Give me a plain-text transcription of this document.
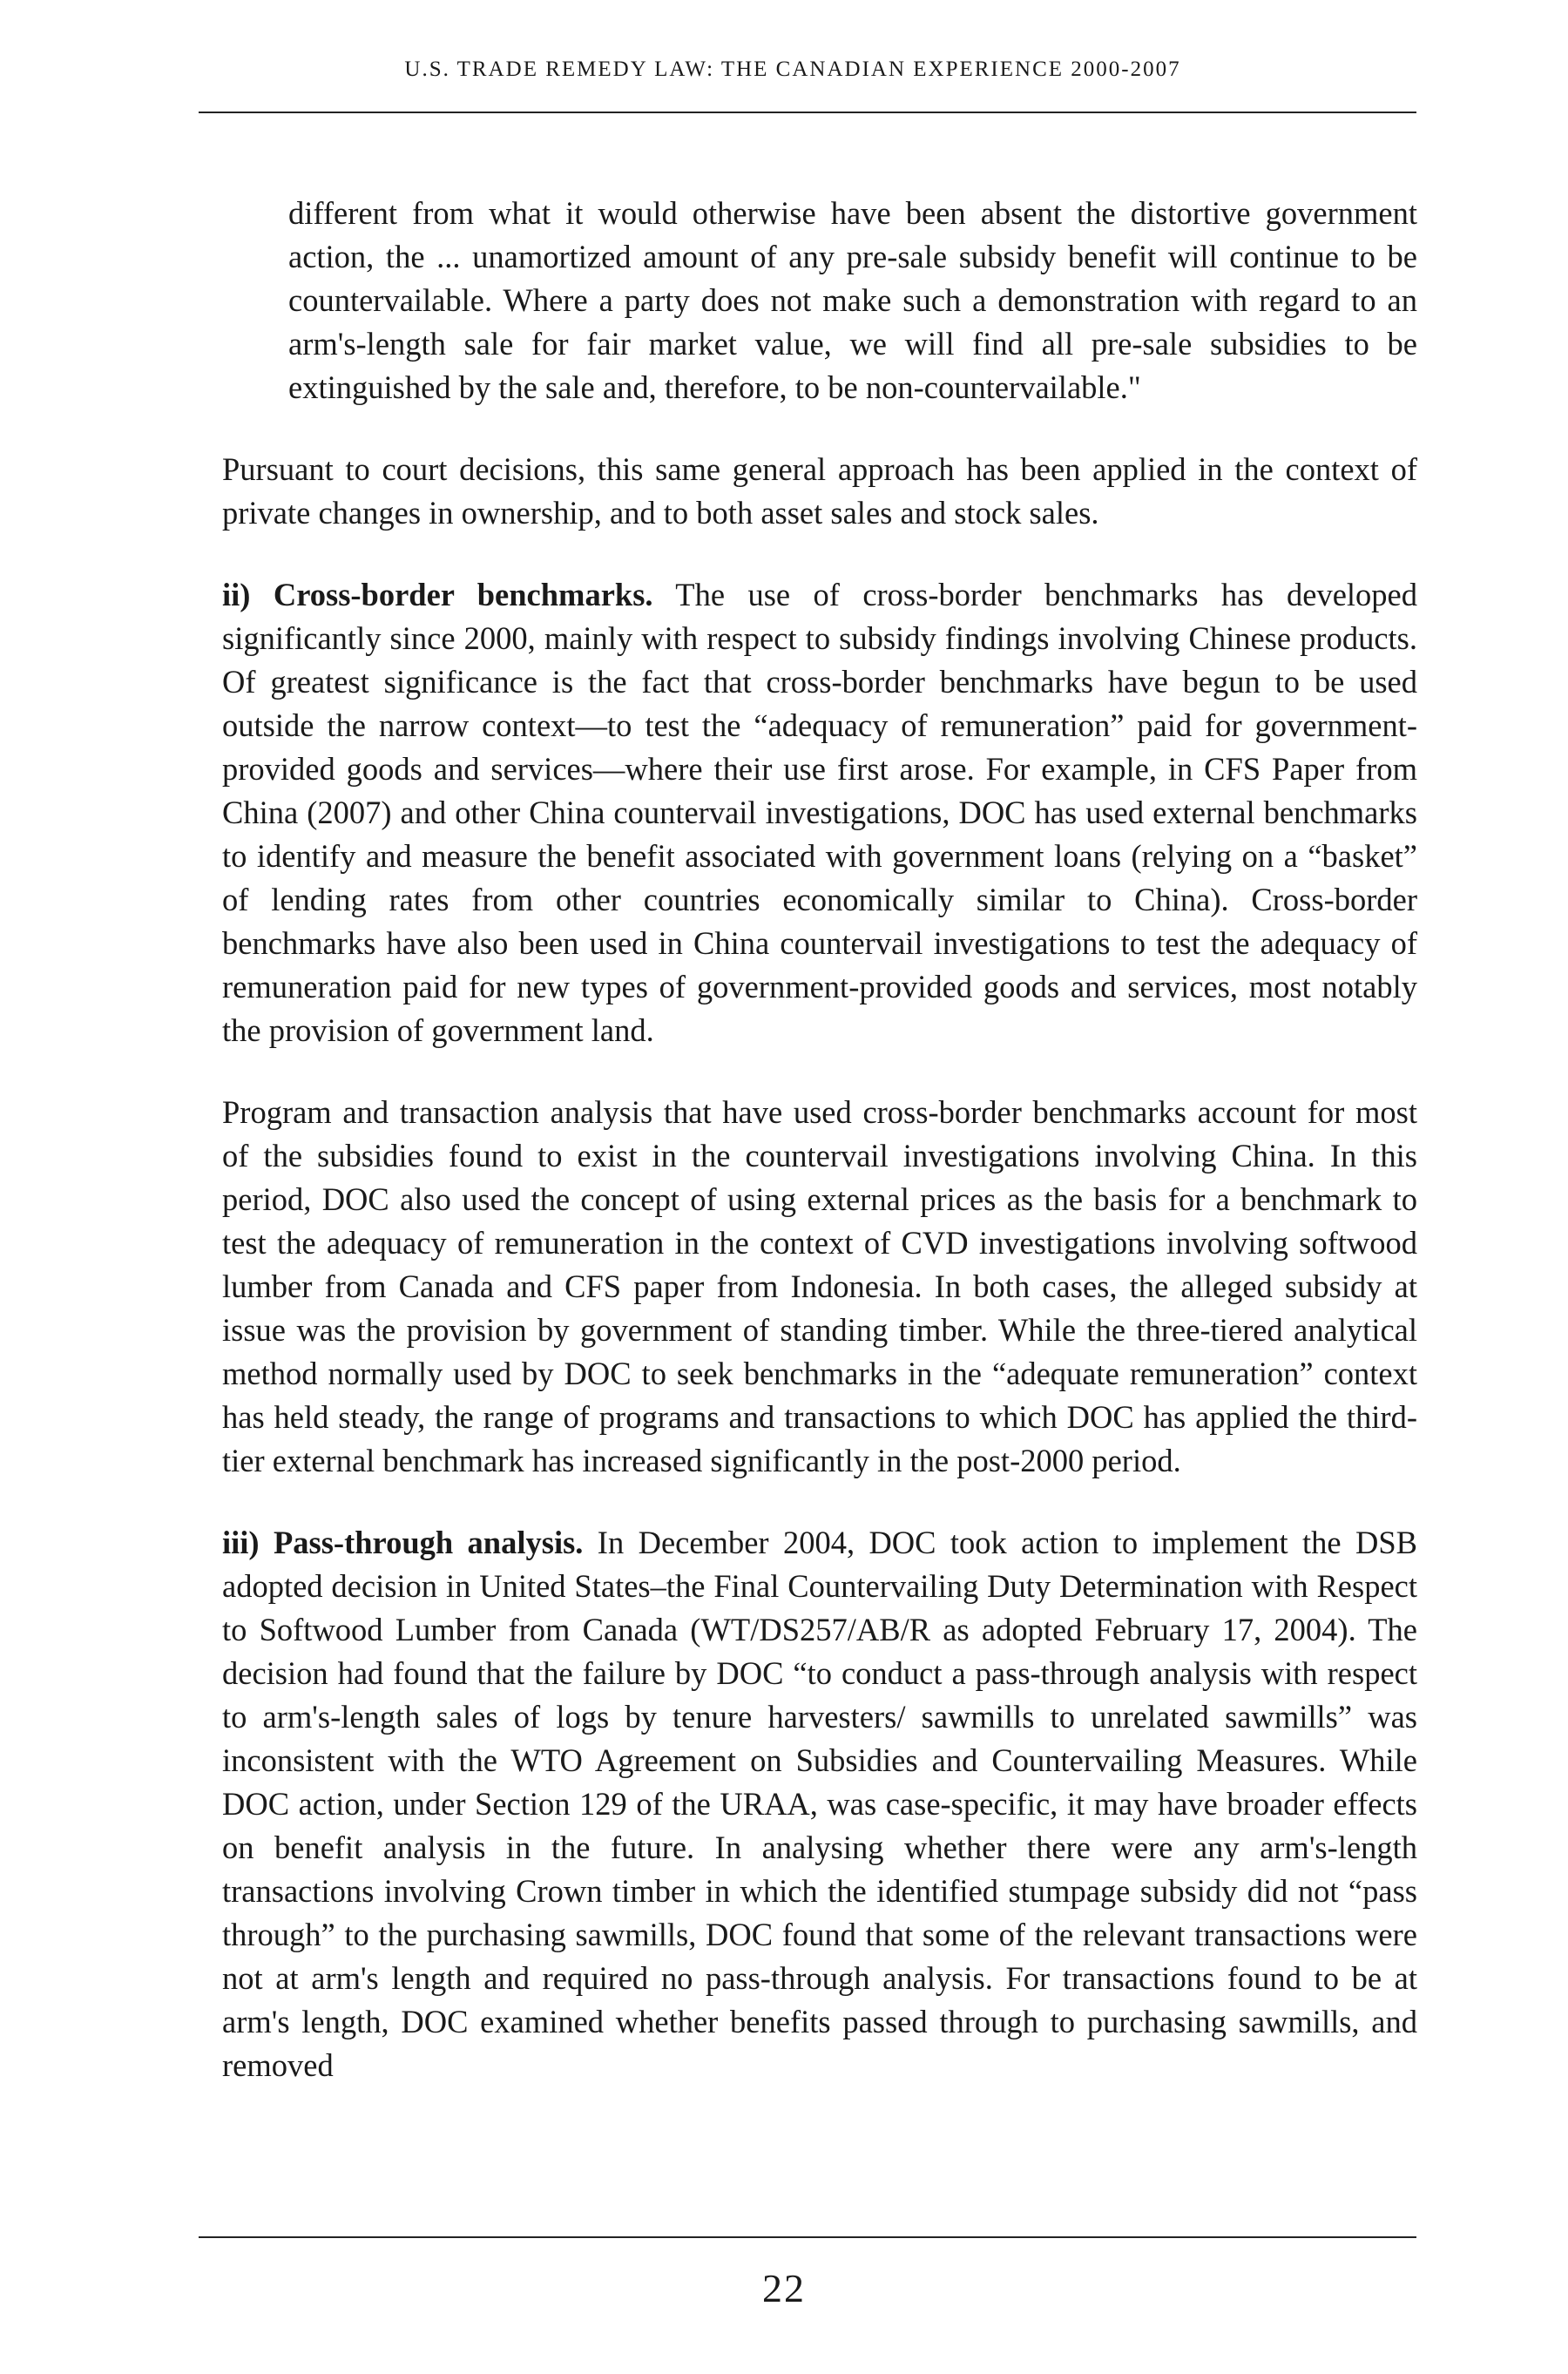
U.S. TRADE REMEDY LAW: THE CANADIAN EXPERIENCE 2000-2007

different from what it would otherwise have been absent the distortive government action, the ... unamortized amount of any pre-sale subsidy benefit will continue to be countervailable. Where a party does not make such a demonstration with regard to an arm's-length sale for fair market value, we will find all pre-sale subsidies to be extinguished by the sale and, therefore, to be non-countervailable."

Pursuant to court decisions, this same general approach has been applied in the context of private changes in ownership, and to both asset sales and stock sales.

ii) Cross-border benchmarks. The use of cross-border benchmarks has developed significantly since 2000, mainly with respect to subsidy findings involving Chinese products. Of greatest significance is the fact that cross-border benchmarks have begun to be used outside the narrow context—to test the “adequacy of remuneration” paid for government-provided goods and services—where their use first arose. For example, in CFS Paper from China (2007) and other China countervail investigations, DOC has used external benchmarks to identify and measure the benefit associated with government loans (relying on a “basket” of lending rates from other countries economically similar to China). Cross-border benchmarks have also been used in China countervail investigations to test the adequacy of remuneration paid for new types of government-provided goods and services, most notably the provision of government land.

Program and transaction analysis that have used cross-border benchmarks account for most of the subsidies found to exist in the countervail investigations involving China. In this period, DOC also used the concept of using external prices as the basis for a benchmark to test the adequacy of remuneration in the context of CVD investigations involving softwood lumber from Canada and CFS paper from Indonesia. In both cases, the alleged subsidy at issue was the provision by government of standing timber. While the three-tiered analytical method normally used by DOC to seek benchmarks in the “adequate remuneration” context has held steady, the range of programs and transactions to which DOC has applied the third-tier external benchmark has increased significantly in the post-2000 period.

iii) Pass-through analysis. In December 2004, DOC took action to implement the DSB adopted decision in United States–the Final Countervailing Duty Determination with Respect to Softwood Lumber from Canada (WT/DS257/AB/R as adopted February 17, 2004). The decision had found that the failure by DOC “to conduct a pass-through analysis with respect to arm's-length sales of logs by tenure harvesters/ sawmills to unrelated sawmills” was inconsistent with the WTO Agreement on Subsidies and Countervailing Measures. While DOC action, under Section 129 of the URAA, was case-specific, it may have broader effects on benefit analysis in the future. In analysing whether there were any arm's-length transactions involving Crown timber in which the identified stumpage subsidy did not “pass through” to the purchasing sawmills, DOC found that some of the relevant transactions were not at arm's length and required no pass-through analysis. For transactions found to be at arm's length, DOC examined whether benefits passed through to purchasing sawmills, and removed

22
